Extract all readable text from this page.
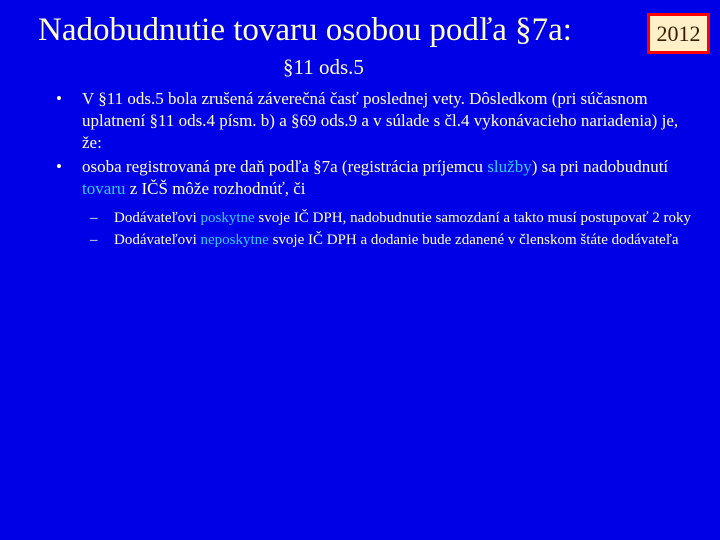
Nadobudnutie tovaru osobou podľa §7a:
§11 ods.5
2012
• V §11 ods.5 bola zrušená záverečná časť poslednej vety. Dôsledkom (pri súčasnom uplatnení §11 ods.4 písm. b) a §69 ods.9 a v súlade s čl.4 vykonávacieho nariadenia) je, že:
• osoba registrovaná pre daň podľa §7a (registrácia príjemcu služby) sa pri nadobudnutí tovaru z IČŠ môže rozhodnúť, či
– Dodávateľovi poskytne svoje IČ DPH, nadobudnutie samozdaní a takto musí postupovať 2 roky
– Dodávateľovi neposkytne svoje IČ DPH a dodanie bude zdanené v členskom štáte dodávateľa
